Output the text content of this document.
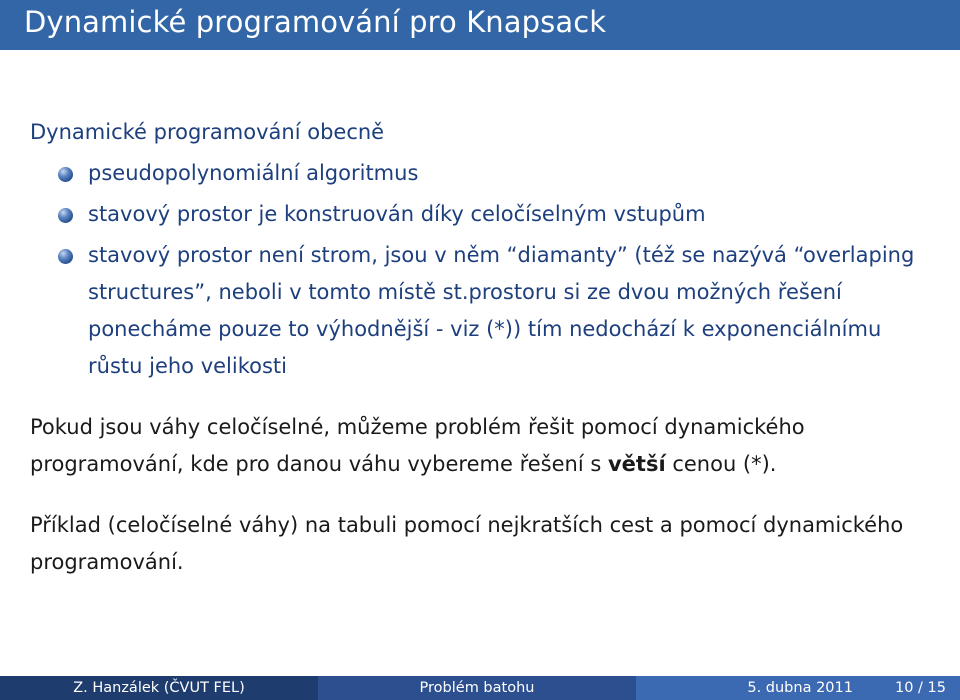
Dynamické programování pro Knapsack

Dynamické programování obecně

pseudopolynomiální algoritmus
stavový prostor je konstruován díky celočíselným vstupům
stavový prostor není strom, jsou v něm “diamanty” (též se nazývá “overlaping structures”, neboli v tomto místě st.prostoru si ze dvou možných řešení ponecháme pouze to výhodnější - viz (*)) tím nedochází k exponenciálnímu růstu jeho velikosti

Pokud jsou váhy celočíselné, můžeme problém řešit pomocí dynamického programování, kde pro danou váhu vybereme řešení s větší cenou (*).

Příklad (celočíselné váhy) na tabuli pomocí nejkratších cest a pomocí dynamického programování.

Z. Hanzálek (ČVUT FEL)	Problém batohu	5. dubna 2011	10 / 15
